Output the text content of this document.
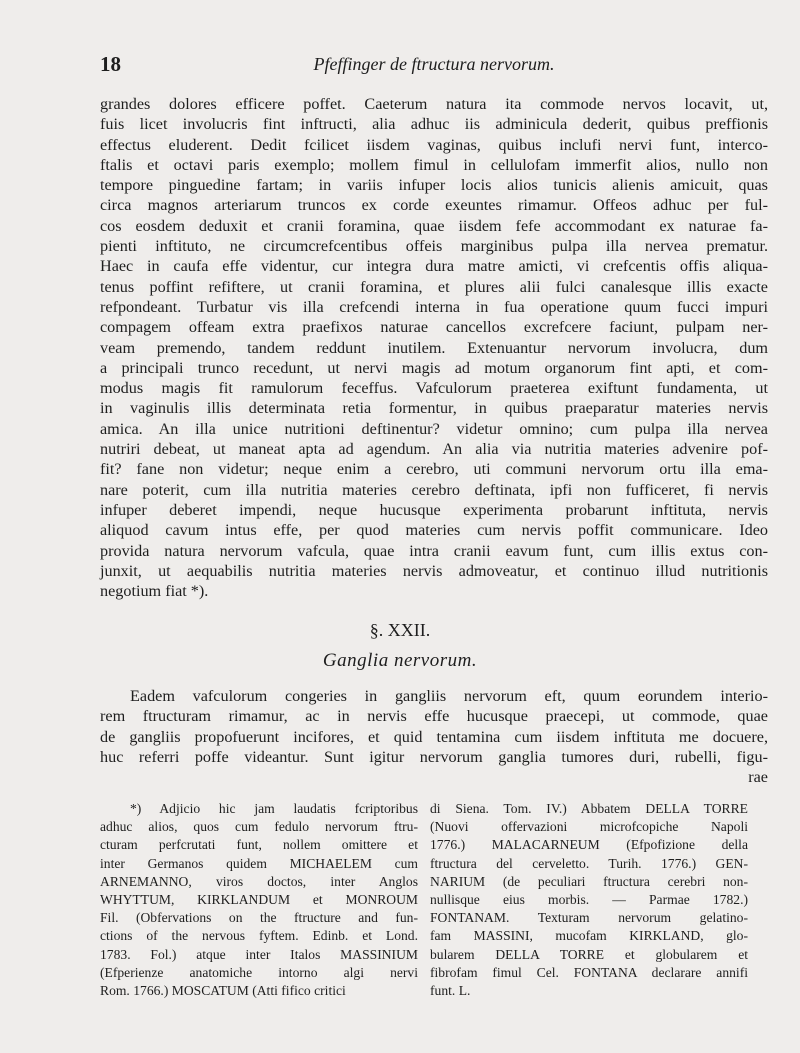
18	Pfeffinger de ftructura nervorum.
grandes dolores efficere poffet. Caeterum natura ita commode nervos locavit, ut,
fuis licet involucris fint inftructi, alia adhuc iis adminicula dederit, quibus preffionis
effectus eluderent. Dedit fcilicet iisdem vaginas, quibus inclufi nervi funt, interco-
ftalis et octavi paris exemplo; mollem fimul in cellulofam immerfit alios, nullo non
tempore pinguedine fartam; in variis infuper locis alios tunicis alienis amicuit, quas
circa magnos arteriarum truncos ex corde exeuntes rimamur. Offeos adhuc per ful-
cos eosdem deduxit et cranii foramina, quae iisdem fefe accommodant ex naturae fa-
pienti inftituto, ne circumcrefcentibus offeis marginibus pulpa illa nervea prematur.
Haec in caufa effe videntur, cur integra dura matre amicti, vi crefcentis offis aliqua-
tenus poffint refiftere, ut cranii foramina, et plures alii fulci canalesque illis exacte
refpondeant. Turbatur vis illa crefcendi interna in fua operatione quum fucci impuri
compagem offeam extra praefixos naturae cancellos excrefcere faciunt, pulpam ner-
veam premendo, tandem reddunt inutilem. Extenuantur nervorum involucra, dum
a principali trunco recedunt, ut nervi magis ad motum organorum fint apti, et com-
modus magis fit ramulorum feceffus. Vafculorum praeterea exiftunt fundamenta, ut
in vaginulis illis determinata retia formentur, in quibus praeparatur materies nervis
amica. An illa unice nutritioni deftinentur? videtur omnino; cum pulpa illa nervea
nutriri debeat, ut maneat apta ad agendum. An alia via nutritia materies advenire pof-
fit? fane non videtur; neque enim a cerebro, uti communi nervorum ortu illa ema-
nare poterit, cum illa nutritia materies cerebro deftinata, ipfi non fufficeret, fi nervis
infuper deberet impendi, neque hucusque experimenta probarunt inftituta, nervis
aliquod cavum intus effe, per quod materies cum nervis poffit communicare. Ideo
provida natura nervorum vafcula, quae intra cranii eavum funt, cum illis extus con-
junxit, ut aequabilis nutritia materies nervis admoveatur, et continuo illud nutritionis
negotium fiat *).
§. XXII.
Ganglia nervorum.
Eadem vafculorum congeries in gangliis nervorum eft, quum eorundem interio-
rem ftructuram rimamur, ac in nervis effe hucusque praecepi, ut commode, quae
de gangliis propofuerunt incifores, et quid tentamina cum iisdem inftituta me docuere,
huc referri poffe videantur. Sunt igitur nervorum ganglia tumores duri, rubelli, figu-
rae
*) Adjicio hic jam laudatis fcriptoribus
adhuc alios, quos cum fedulo nervorum ftru-
cturam perfcrutati funt, nollem omittere et
inter Germanos quidem MICHAELEM cum
ARNEMANNO, viros doctos, inter Anglos
WHYTTUM, KIRKLANDUM et MONROUM
Fil. (Obfervations on the ftructure and fun-
ctions of the nervous fyftem. Edinb. et Lond.
1783. Fol.) atque inter Italos MASSINIUM
(Efperienze anatomiche intorno algi nervi
Rom. 1766.) MOSCATUM (Atti fifico critici
di Siena. Tom. IV.) Abbatem DELLA TORRE
(Nuovi offervazioni microfcopiche Napoli
1776.) MALACARNEUM (Efpofizione della
ftructura del cerveletto. Turih. 1776.) GEN-
NARIUM (de peculiari ftructura cerebri non-
nullisque eius morbis. — Parmae 1782.)
FONTANAM. Texturam nervorum gelatino-
fam MASSINI, mucofam KIRKLAND, glo-
bularem DELLA TORRE et globularem et
fibrofam fimul Cel. FONTANA declarare annifi
funt. L.
